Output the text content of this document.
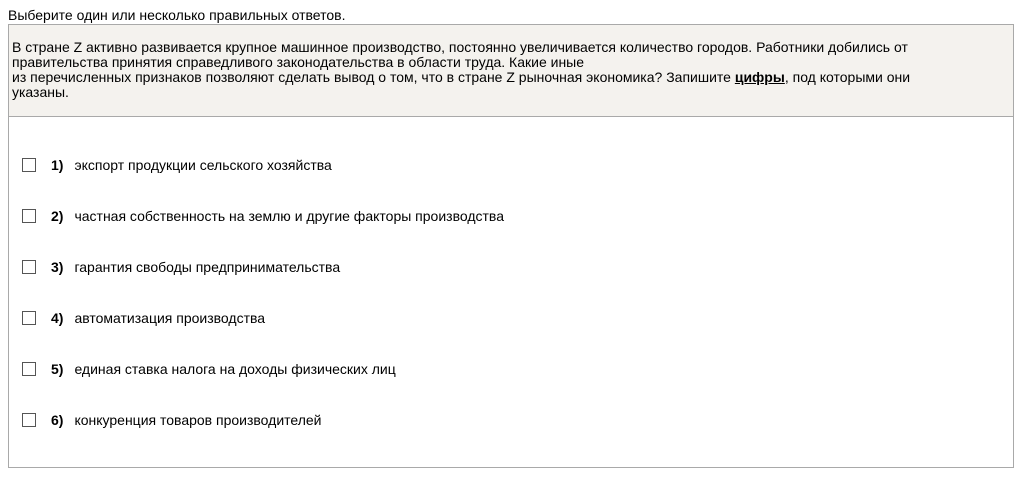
Выберите один или несколько правильных ответов.
В стране Z активно развивается крупное машинное производство, постоянно увеличивается количество городов. Работники добились от
правительства принятия справедливого законодательства в области труда. Какие иные
из перечисленных признаков позволяют сделать вывод о том, что в стране Z рыночная экономика? Запишите цифры, под которыми они
указаны.
1) экспорт продукции сельского хозяйства
2) частная собственность на землю и другие факторы производства
3) гарантия свободы предпринимательства
4) автоматизация производства
5) единая ставка налога на доходы физических лиц
6) конкуренция товаров производителей
